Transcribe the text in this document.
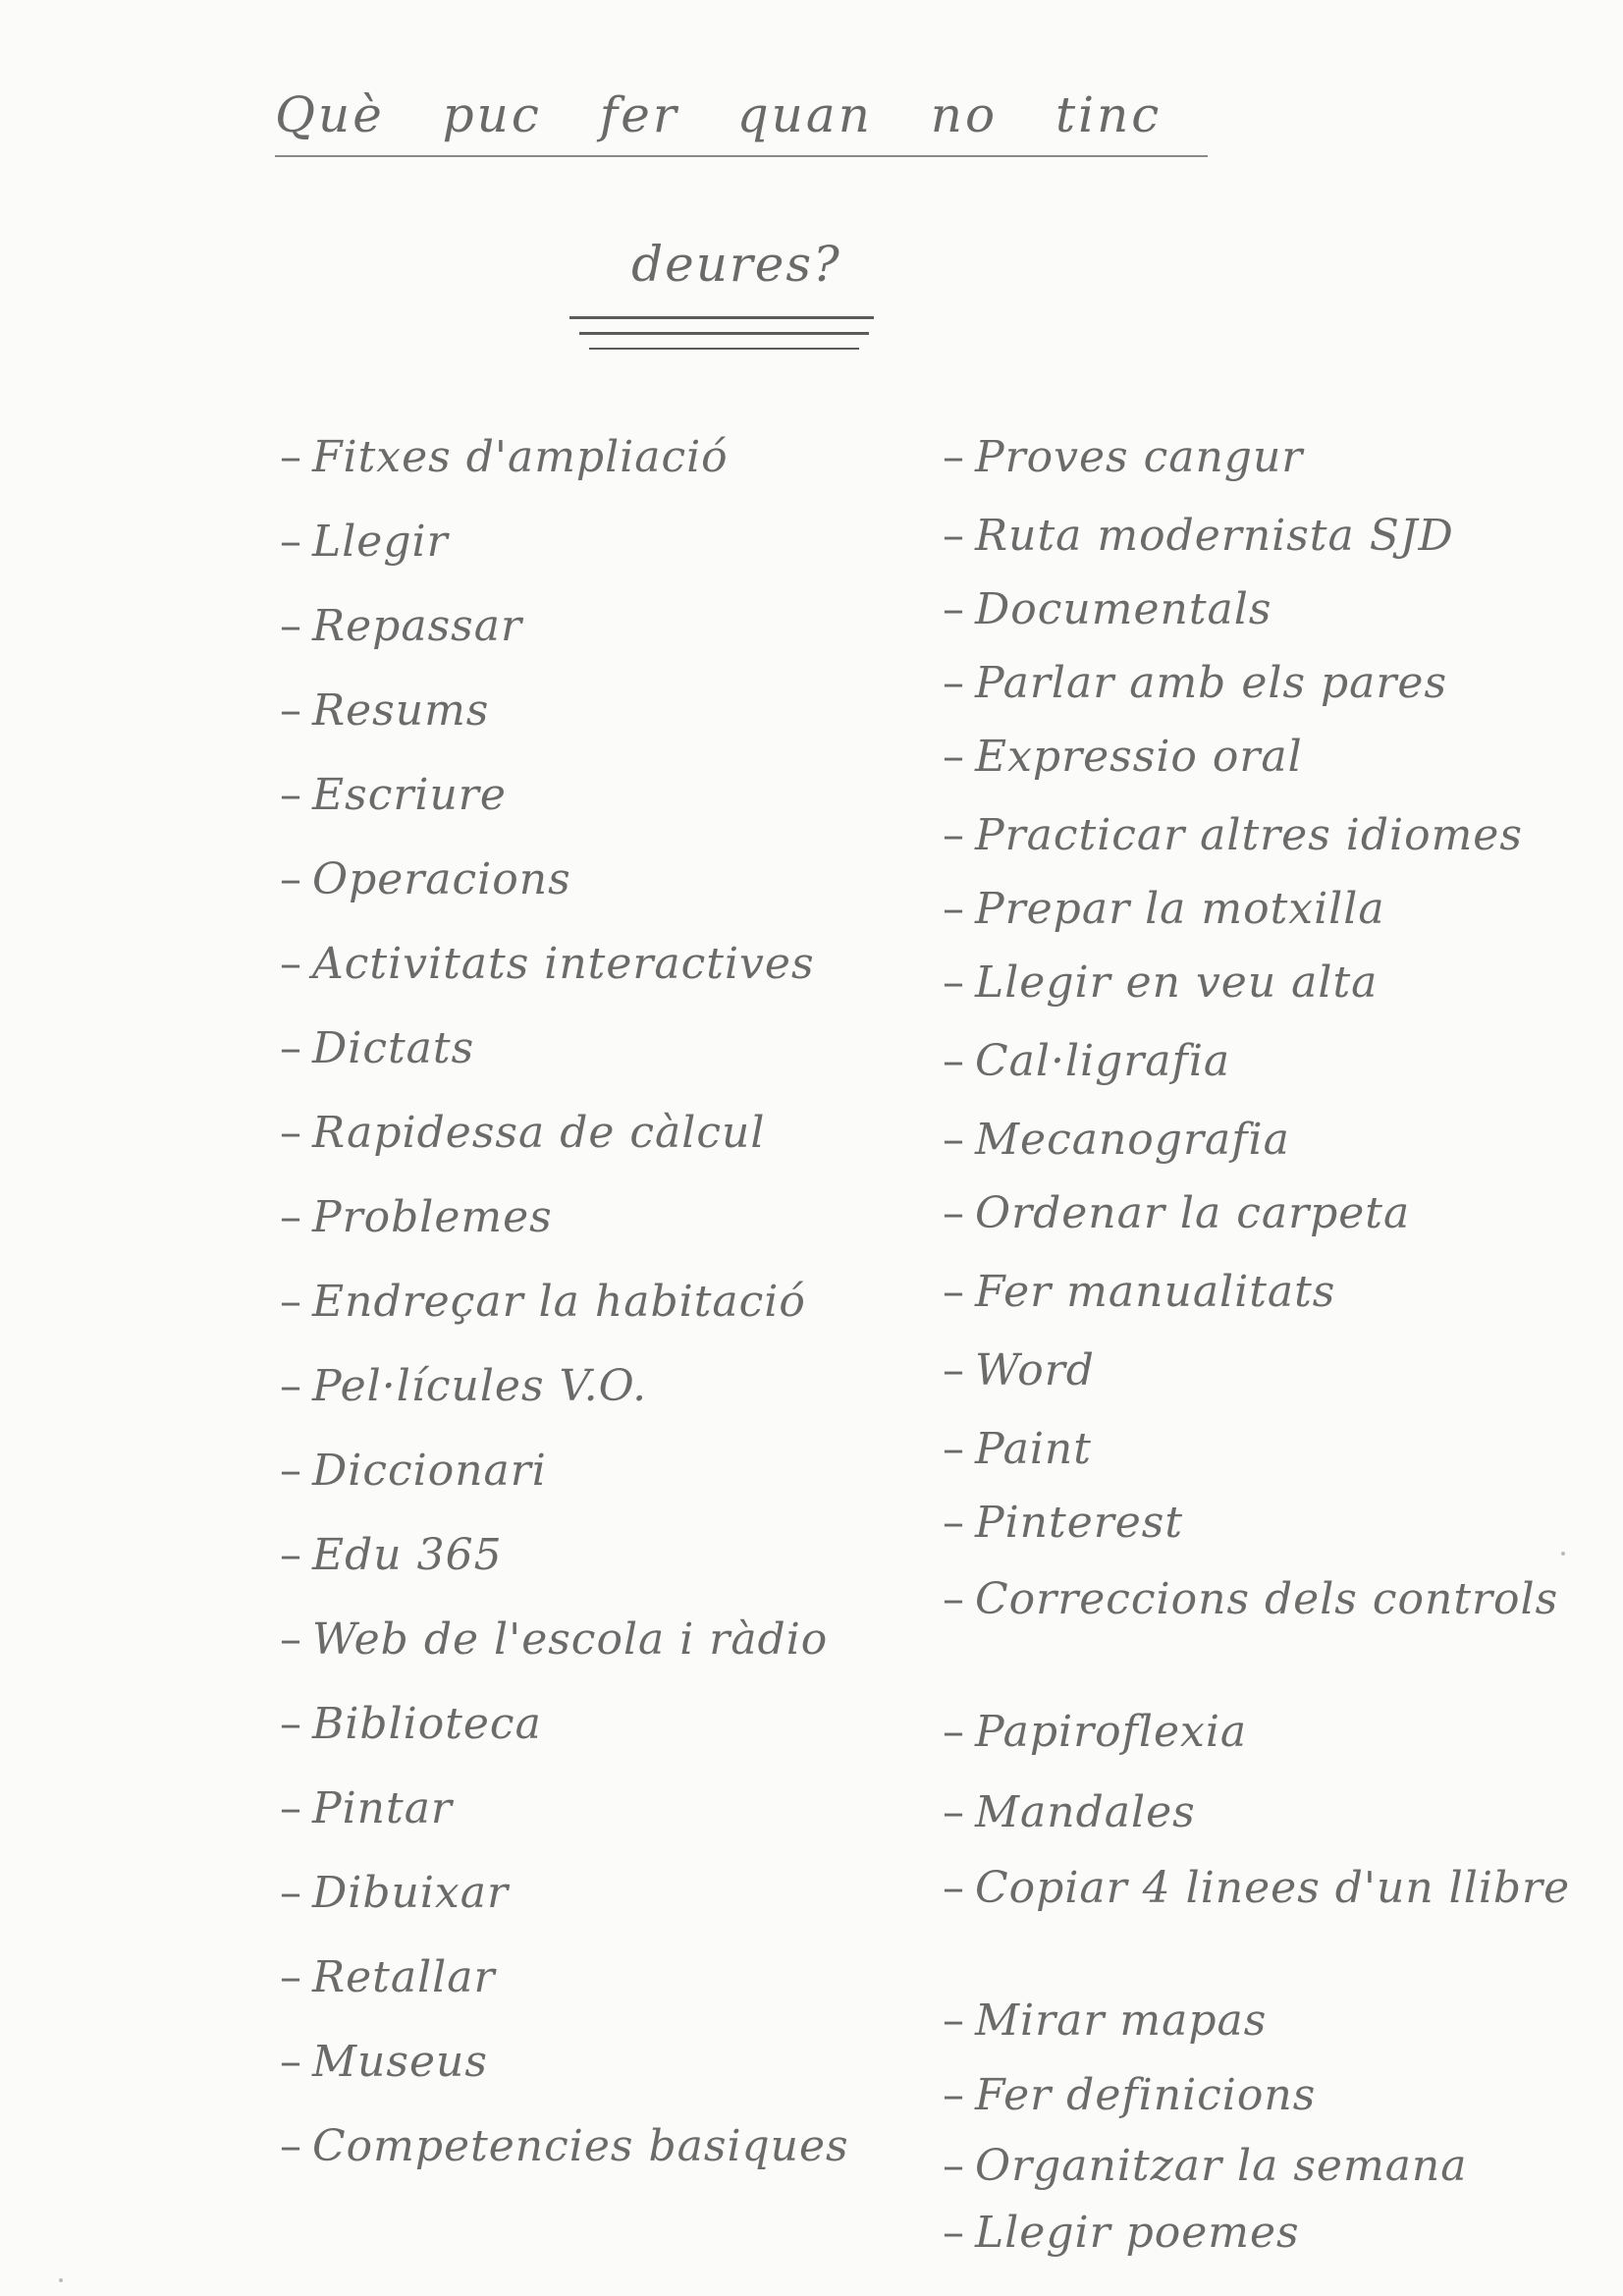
Què puc fer quan no tinc
deures?
– Fitxes d'ampliació
– Llegir
– Repassar
– Resums
– Escriure
– Operacions
– Activitats interactives
– Dictats
– Rapidessa de càlcul
– Problemes
– Endreçar la habitació
– Pel·lícules V.O.
– Diccionari
– Edu 365
– Web de l'escola i ràdio
– Biblioteca
– Pintar
– Dibuixar
– Retallar
– Museus
– Competencies basiques
– Proves cangur
– Ruta modernista SJD
– Documentals
– Parlar amb els pares
– Expressio oral
– Practicar altres idiomes
– Prepar la motxilla
– Llegir en veu alta
– Cal·ligrafia
– Mecanografia
– Ordenar la carpeta
– Fer manualitats
– Word
– Paint
– Pinterest
– Correccions dels controls
– Papiroflexia
– Mandales
– Copiar 4 linees d'un llibre
– Mirar mapas
– Fer definicions
– Organitzar la semana
– Llegir poemes
